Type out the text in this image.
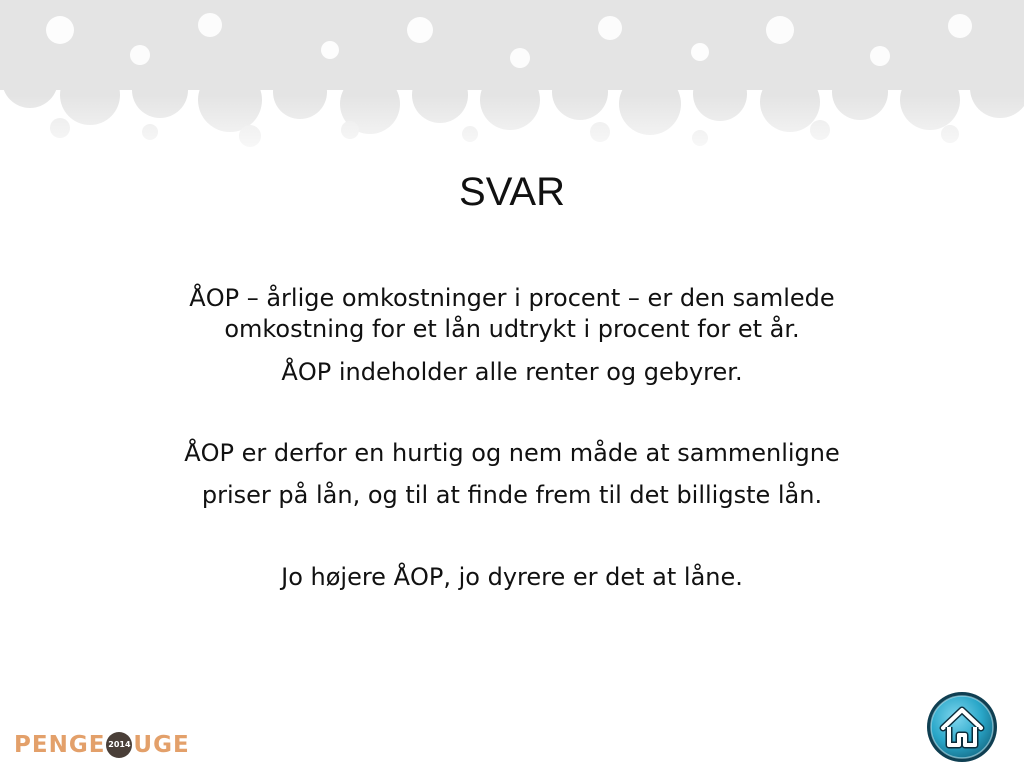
SVAR
ÅOP – årlige omkostninger i procent – er den samlede
omkostning for et lån udtrykt i procent for et år.
ÅOP indeholder alle renter og gebyrer.
ÅOP er derfor en hurtig og nem måde at sammenligne
priser på lån, og til at finde frem til det billigste lån.
Jo højere ÅOP, jo dyrere er det at låne.
PENGE 2014 UGE
